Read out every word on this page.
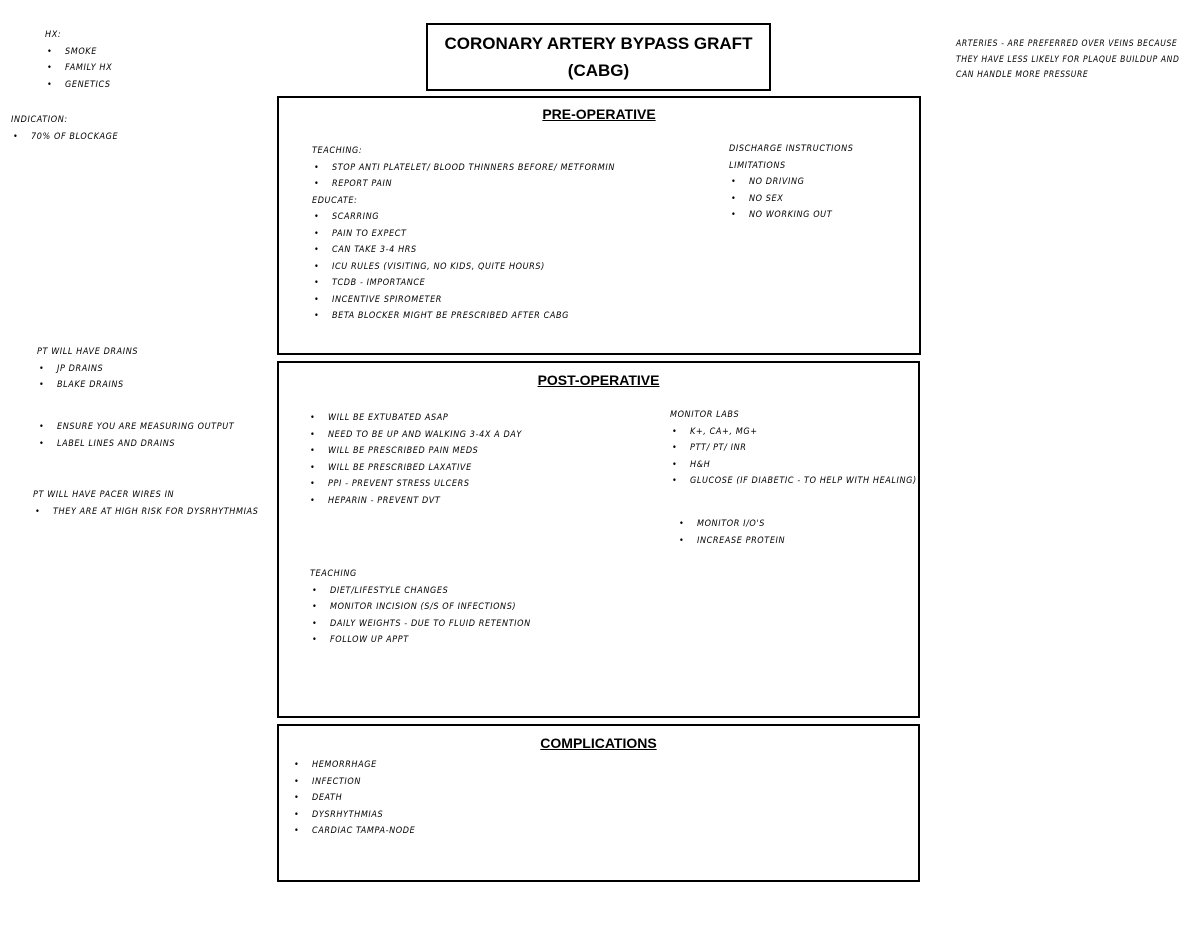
CORONARY ARTERY BYPASS GRAFT
(CABG)
HX:
• SMOKE
• FAMILY HX
• GENETICS
INDICATION:
• 70% OF BLOCKAGE
PT WILL HAVE DRAINS
• JP DRAINS
• BLAKE DRAINS
• ENSURE YOU ARE MEASURING OUTPUT
• LABEL LINES AND DRAINS
PT WILL HAVE PACER WIRES IN
• THEY ARE AT HIGH RISK FOR DYSRHYTHMIAS
ARTERIES - ARE PREFERRED OVER VEINS BECAUSE
THEY HAVE LESS LIKELY FOR PLAQUE BUILDUP AND
CAN HANDLE MORE PRESSURE
PRE-OPERATIVE
TEACHING:
• STOP ANTI PLATELET/ BLOOD THINNERS BEFORE/ METFORMIN
• REPORT PAIN
EDUCATE:
• SCARRING
• PAIN TO EXPECT
• CAN TAKE 3-4 HRS
• ICU RULES (VISITING, NO KIDS, QUITE HOURS)
• TCDB - IMPORTANCE
• INCENTIVE SPIROMETER
• BETA BLOCKER MIGHT BE PRESCRIBED AFTER CABG
DISCHARGE INSTRUCTIONS
LIMITATIONS
• NO DRIVING
• NO SEX
• NO WORKING OUT
POST-OPERATIVE
• WILL BE EXTUBATED ASAP
• NEED TO BE UP AND WALKING 3-4X A DAY
• WILL BE PRESCRIBED PAIN MEDS
• WILL BE PRESCRIBED LAXATIVE
• PPI - PREVENT STRESS ULCERS
• HEPARIN - PREVENT DVT
MONITOR LABS
• K+, CA+, MG+
• PTT/ PT/ INR
• H&H
• GLUCOSE (IF DIABETIC - TO HELP WITH HEALING)
• MONITOR I/O'S
• INCREASE PROTEIN
TEACHING
• DIET/LIFESTYLE CHANGES
• MONITOR INCISION (S/S OF INFECTIONS)
• DAILY WEIGHTS - DUE TO FLUID RETENTION
• FOLLOW UP APPT
COMPLICATIONS
• HEMORRHAGE
• INFECTION
• DEATH
• DYSRHYTHMIAS
• CARDIAC TAMPA-NODE
